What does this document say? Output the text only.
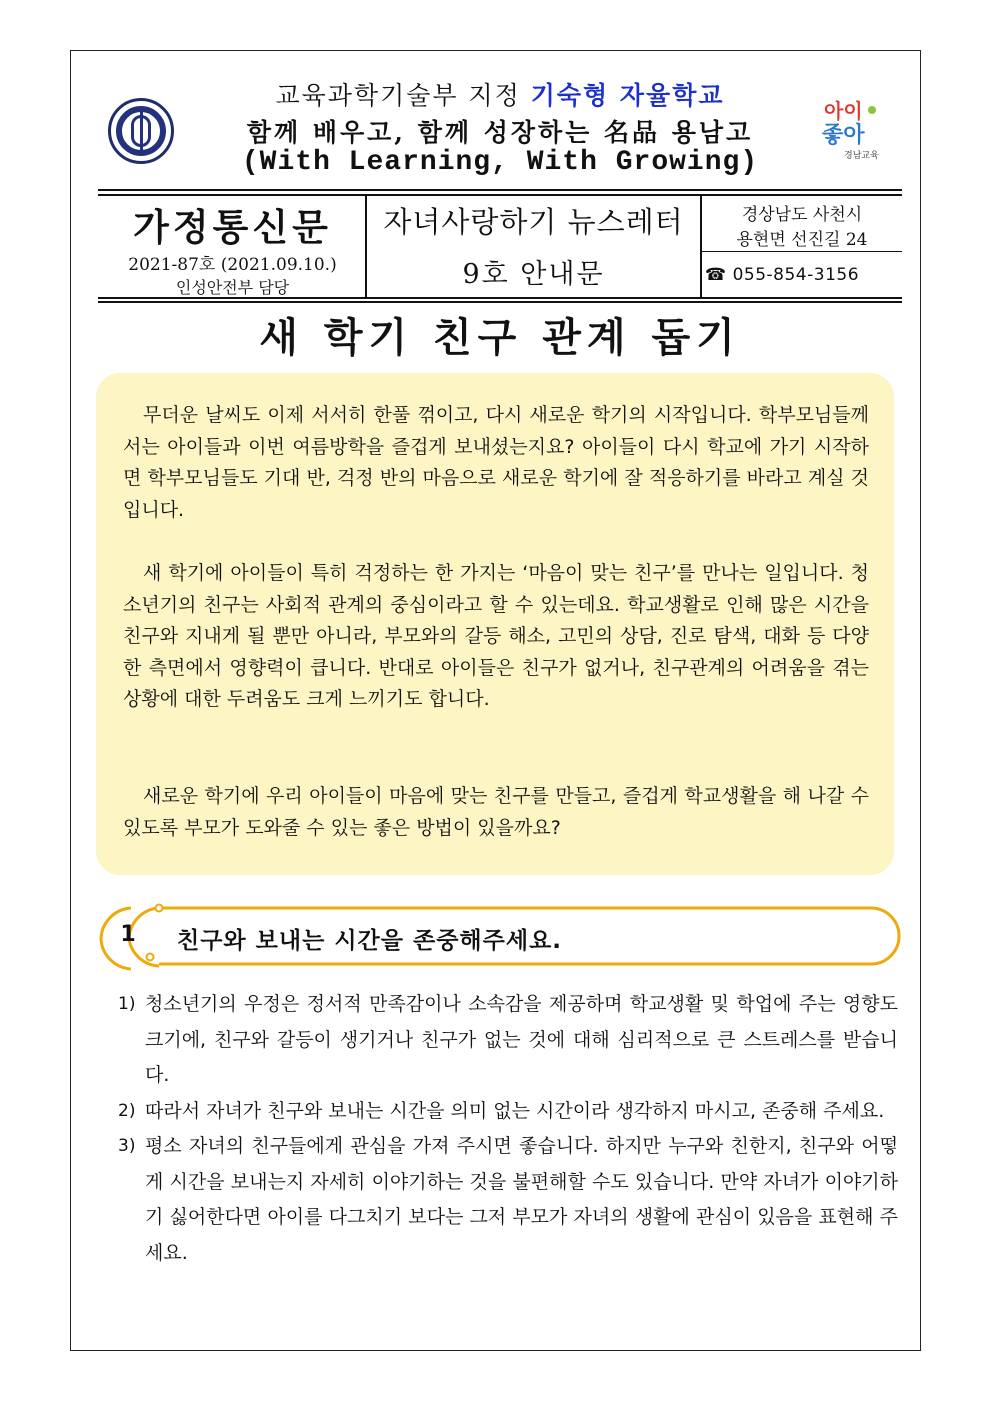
교육과학기술부 지정 기숙형 자율학교
함께 배우고, 함께 성장하는 名品 용남고
(With Learning, With Growing)
아이
좋아
경남교육
가정통신문
2021-87호 (2021.09.10.)
인성안전부 담당
자녀사랑하기 뉴스레터
9호 안내문
경상남도 사천시
용현면 선진길 24
☎ 055-854-3156
새 학기 친구 관계 돕기

무더운 날씨도 이제 서서히 한풀 꺾이고, 다시 새로운 학기의 시작입니다. 학부모님들께서는 아이들과 이번 여름방학을 즐겁게 보내셨는지요? 아이들이 다시 학교에 가기 시작하면 학부모님들도 기대 반, 걱정 반의 마음으로 새로운 학기에 잘 적응하기를 바라고 계실 것입니다.

새 학기에 아이들이 특히 걱정하는 한 가지는 ‘마음이 맞는 친구’를 만나는 일입니다. 청소년기의 친구는 사회적 관계의 중심이라고 할 수 있는데요. 학교생활로 인해 많은 시간을 친구와 지내게 될 뿐만 아니라, 부모와의 갈등 해소, 고민의 상담, 진로 탐색, 대화 등 다양한 측면에서 영향력이 큽니다. 반대로 아이들은 친구가 없거나, 친구관계의 어려움을 겪는 상황에 대한 두려움도 크게 느끼기도 합니다.

새로운 학기에 우리 아이들이 마음에 맞는 친구를 만들고, 즐겁게 학교생활을 해 나갈 수 있도록 부모가 도와줄 수 있는 좋은 방법이 있을까요?

1	친구와 보내는 시간을 존중해주세요.
1) 청소년기의 우정은 정서적 만족감이나 소속감을 제공하며 학교생활 및 학업에 주는 영향도 크기에, 친구와 갈등이 생기거나 친구가 없는 것에 대해 심리적으로 큰 스트레스를 받습니다.
2) 따라서 자녀가 친구와 보내는 시간을 의미 없는 시간이라 생각하지 마시고, 존중해 주세요.
3) 평소 자녀의 친구들에게 관심을 가져 주시면 좋습니다. 하지만 누구와 친한지, 친구와 어떻게 시간을 보내는지 자세히 이야기하는 것을 불편해할 수도 있습니다. 만약 자녀가 이야기하기 싫어한다면 아이를 다그치기 보다는 그저 부모가 자녀의 생활에 관심이 있음을 표현해 주세요.
